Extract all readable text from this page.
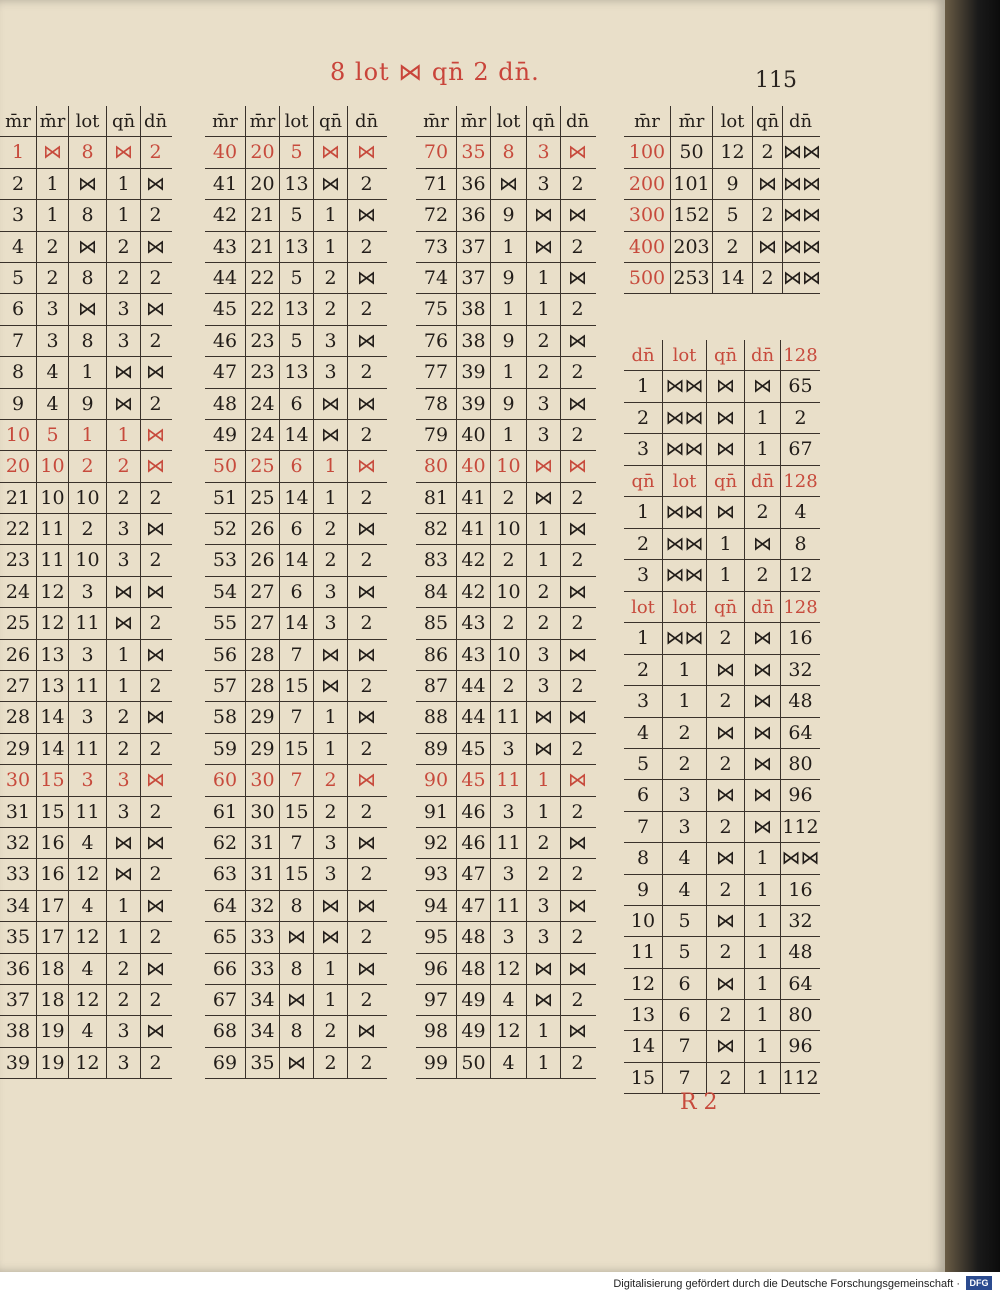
8 lot ⋈ qn̄ 2 dn̄.	115
m̄r m̄r lot qn̄ dn̄
1 ⋈	8	⋈ 2
2	1	⋈	1 ⋈
3	1	8	1	2
4	2	⋈	2 ⋈
5	2	8	2	2
6	3	⋈	3 ⋈
7	3	8	3	2
8	4	1	⋈ ⋈
9	4	9	⋈ 2
10 5	1	1 ⋈
20 10 2	2 ⋈
21 10 10 2	2
22 11 2	3 ⋈
23 11 10 3	2
24 12 3	⋈ ⋈
25 12 11 ⋈ 2
26 13 3	1 ⋈
27 13 11 1	2
28 14 3	2 ⋈
29 14 11 2	2
30 15 3	3 ⋈
31 15 11 3	2
32 16 4	⋈ ⋈
33 16 12 ⋈ 2
34 17 4	1 ⋈
35 17 12 1	2
36 18 4	2 ⋈
37 18 12 2	2
38 19 4	3 ⋈
39 19 12 3	2
m̄r m̄r lot qn̄ dn̄
40 20 5 ⋈ ⋈
41 20 13 ⋈	2
42 21 5	1	⋈
43 21 13 1	2
44 22 5	2	⋈
45 22 13 2	2
46 23 5	3	⋈
47 23 13 3	2
48 24 6 ⋈ ⋈
49 24 14 ⋈	2
50 25 6	1	⋈
51 25 14 1	2
52 26 6	2	⋈
53 26 14 2	2
54 27 6	3	⋈
55 27 14 3	2
56 28 7 ⋈ ⋈
57 28 15 ⋈	2
58 29 7	1	⋈
59 29 15 1	2
60 30 7	2	⋈
61 30 15 2	2
62 31 7	3	⋈
63 31 15 3	2
64 32 8 ⋈ ⋈
65 33 ⋈ ⋈	2
66 33 8	1	⋈
67 34 ⋈ 1	2
68 34 8	2	⋈
69 35 ⋈ 2	2
m̄r m̄r lot qn̄ dn̄
70 35 8	3 ⋈
71 36 ⋈	3	2
72 36 9	⋈ ⋈
73 37 1	⋈ 2
74 37 9	1 ⋈
75 38 1	1	2
76 38 9	2 ⋈
77 39 1	2	2
78 39 9	3 ⋈
79 40 1	3	2
80 40 10 ⋈ ⋈
81 41 2	⋈ 2
82 41 10 1 ⋈
83 42 2	1	2
84 42 10 2 ⋈
85 43 2	2	2
86 43 10 3 ⋈
87 44 2	3	2
88 44 11 ⋈ ⋈
89 45 3	⋈ 2
90 45 11 1 ⋈
91 46 3	1	2
92 46 11 2 ⋈
93 47 3	2	2
94 47 11 3 ⋈
95 48 3	3	2
96 48 12 ⋈ ⋈
97 49 4	⋈ 2
98 49 12 1 ⋈
99 50 4	1	2
m̄r	m̄r lot qn̄ dn̄
100 50 12 2 ⋈⋈
200 101 9	⋈ ⋈⋈
300 152 5	2 ⋈⋈
400 203 2	⋈ ⋈⋈
500 253 14 2 ⋈⋈
dn̄	lot qn̄ dn̄ 128
1 ⋈⋈ ⋈ ⋈ 65
2 ⋈⋈ ⋈	1	2
3 ⋈⋈ ⋈	1	67
qn̄	lot qn̄ dn̄ 128
1 ⋈⋈ ⋈	2	4
2 ⋈⋈ 1	⋈	8
3 ⋈⋈ 1	2	12
lot lot qn̄ dn̄ 128
1 ⋈⋈ 2	⋈ 16
2	1	⋈ ⋈ 32
3	1	2	⋈ 48
4	2	⋈ ⋈ 64
5	2	2	⋈ 80
6	3	⋈ ⋈ 96
7	3	2	⋈ 112
8	4	⋈	1 ⋈⋈
9	4	2	1	16
10	5	⋈	1	32
11	5	2	1	48
12	6	⋈	1	64
13	6	2	1	80
14	7	⋈	1	96
15	7	2	1 112
R 2
Digitalisierung gefördert durch die Deutsche Forschungsgemeinschaft ·	DFG
